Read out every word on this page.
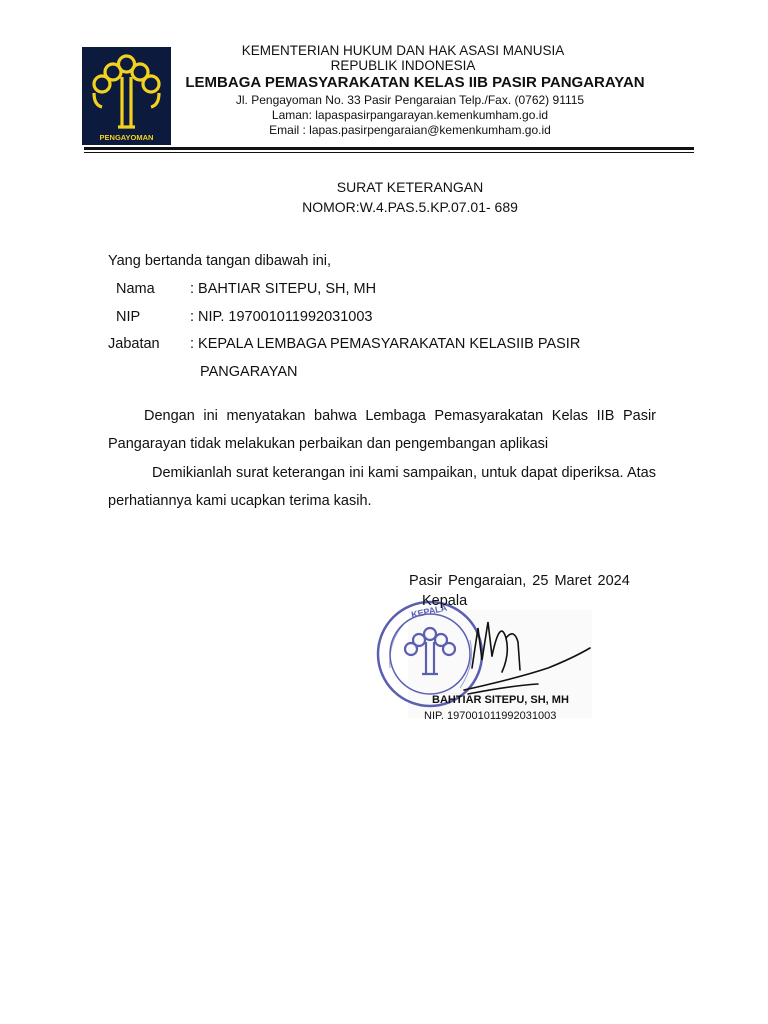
PENGAYOMAN
KEMENTERIAN HUKUM DAN HAK ASASI MANUSIA
REPUBLIK INDONESIA
LEMBAGA PEMASYARAKATAN KELAS IIB PASIR PANGARAYAN
Jl. Pengayoman No. 33 Pasir Pengaraian Telp./Fax. (0762) 91115
Laman: lapaspasirpangarayan.kemenkumham.go.id
Email : lapas.pasirpengaraian@kemenkumham.go.id
SURAT KETERANGAN
NOMOR:W.4.PAS.5.KP.07.01- 689
Yang bertanda tangan dibawah ini,
Nama : BAHTIAR SITEPU, SH, MH
NIP	: NIP. 197001011992031003
Jabatan : KEPALA LEMBAGA PEMASYARAKATAN KELASIIB PASIR
PANGARAYAN
Dengan ini menyatakan bahwa Lembaga Pemasyarakatan Kelas IIB Pasir Pangarayan tidak melakukan perbaikan dan pengembangan aplikasi
Demikianlah surat keterangan ini kami sampaikan, untuk dapat diperiksa. Atas perhatiannya kami ucapkan terima kasih.
Pasir Pengaraian, 25 Maret 2024
KEPALA
Kepala
BAHTIAR SITEPU, SH, MH
NIP. 197001011992031003
